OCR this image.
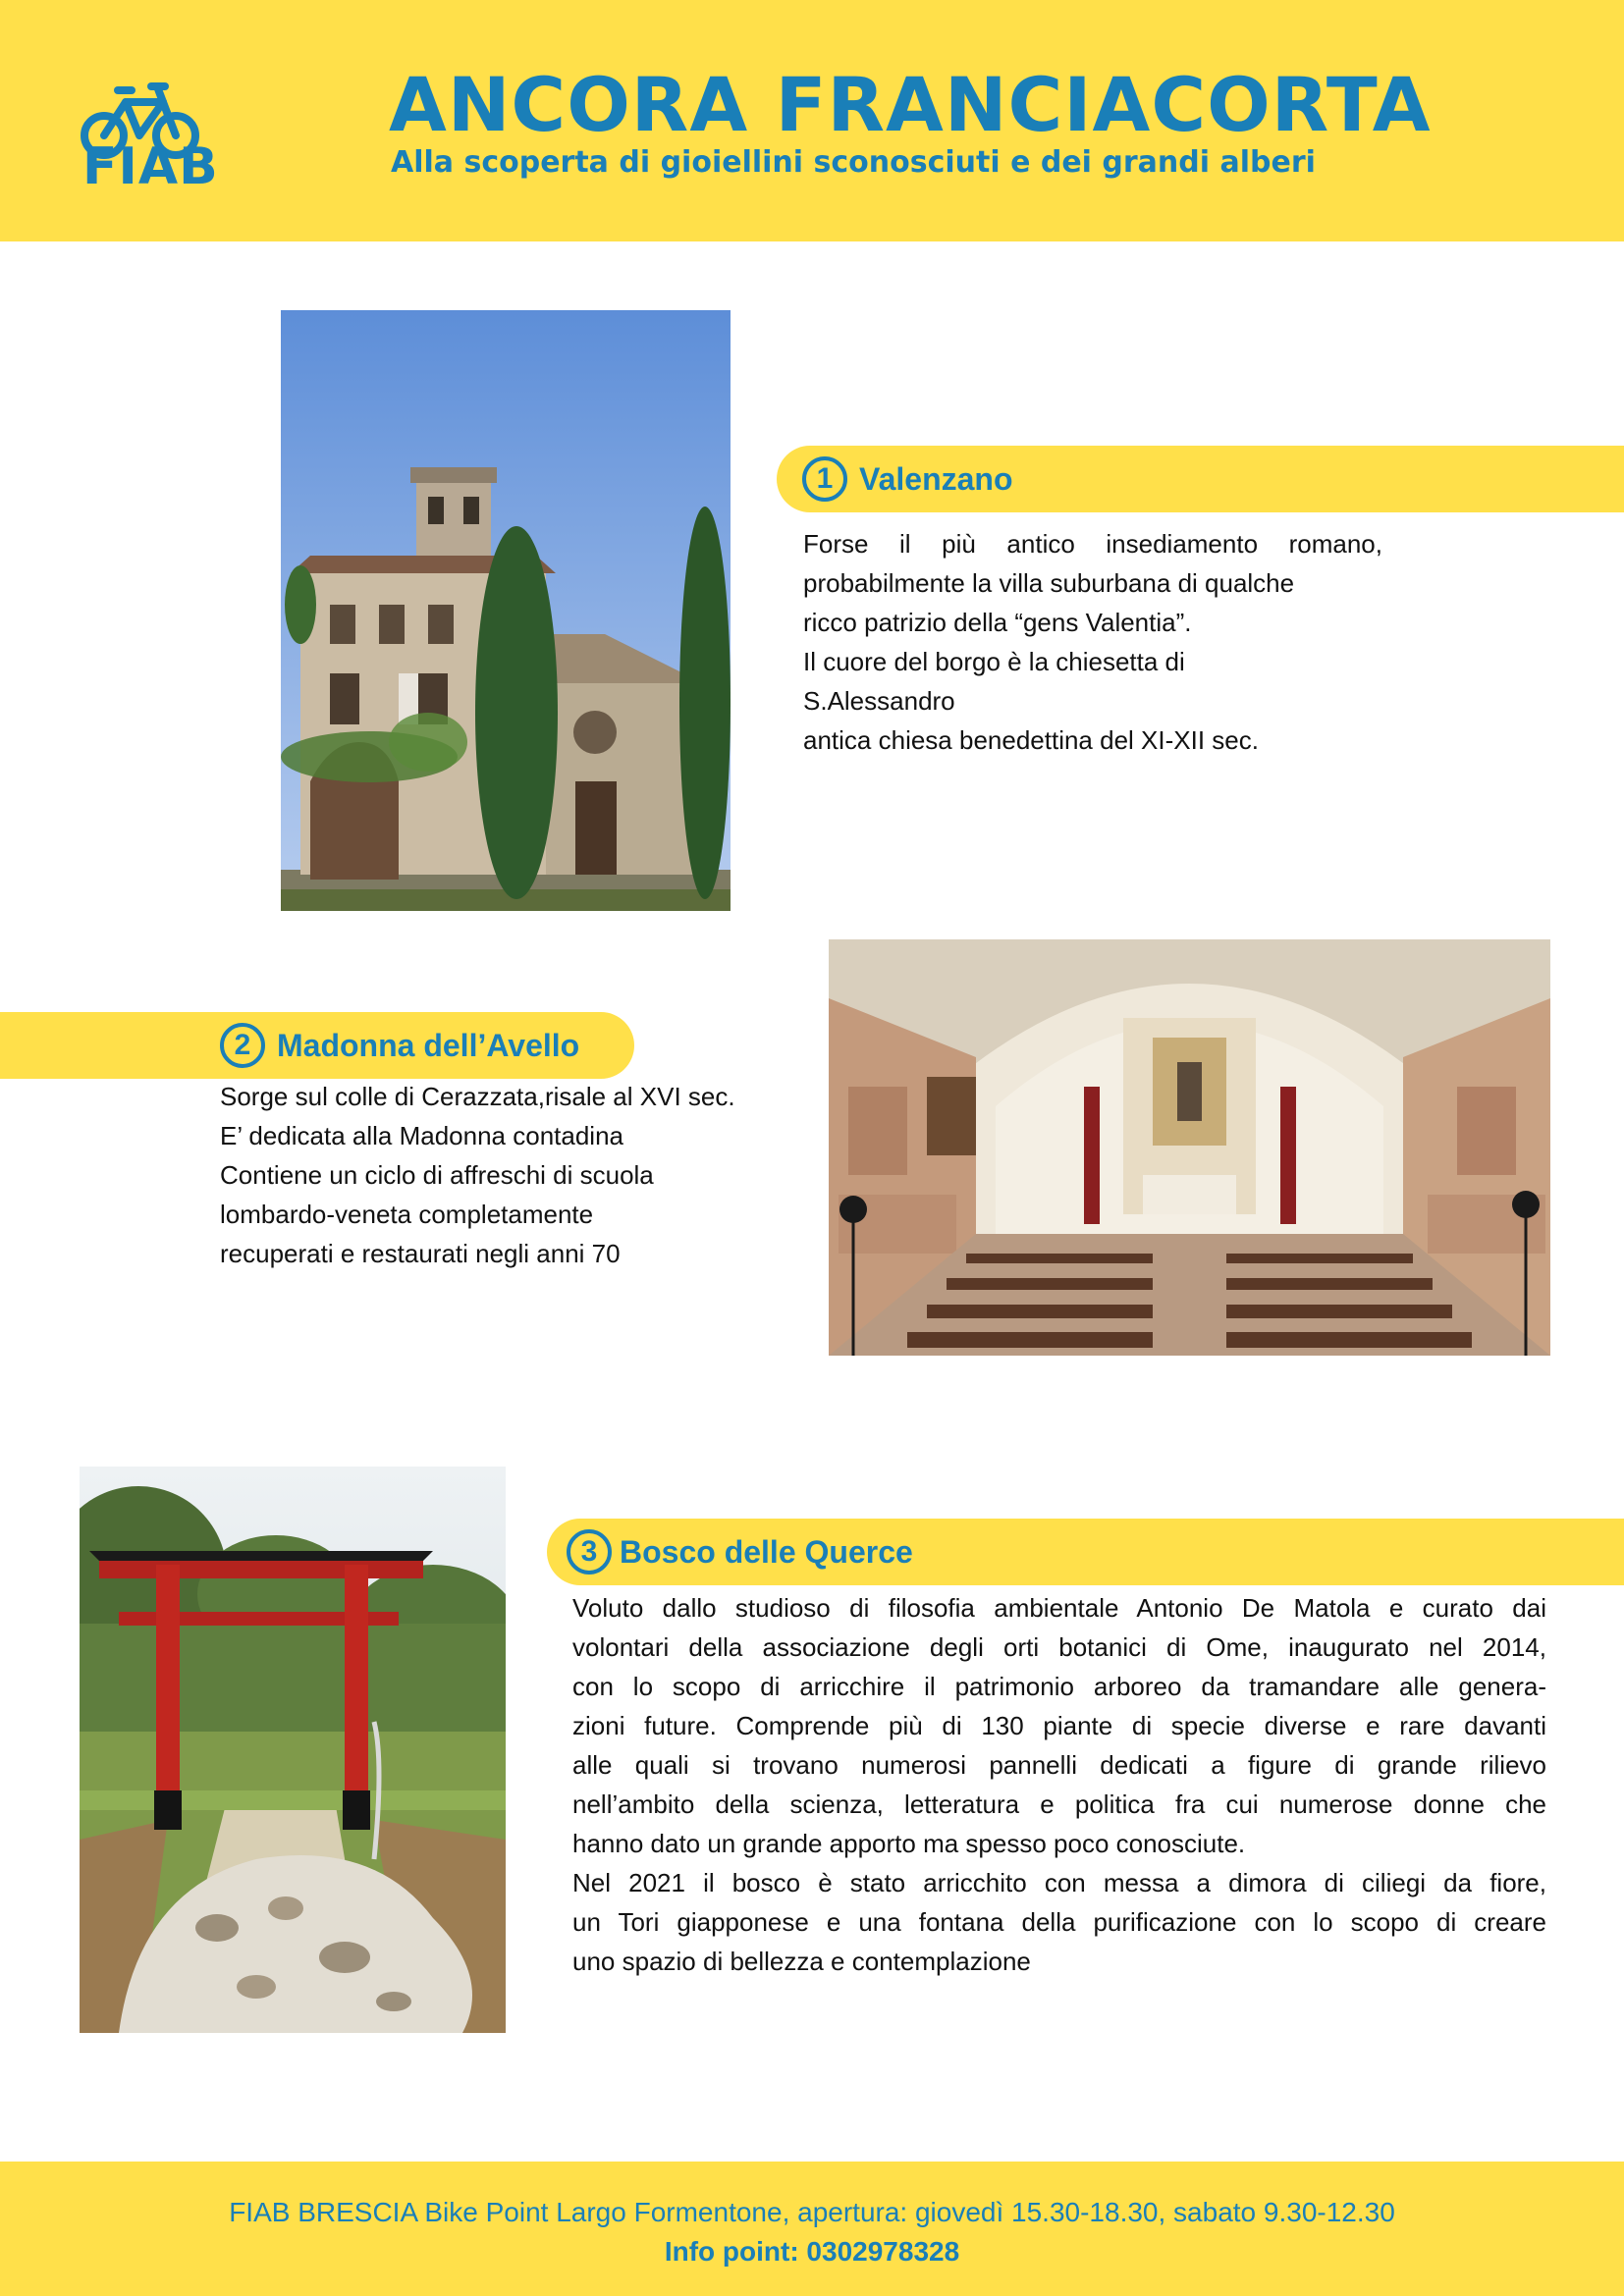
FIAB
ANCORA FRANCIACORTA
Alla scoperta di gioiellini sconosciuti e dei grandi alberi
1 Valenzano
Forse il più antico insediamento romano,
probabilmente la villa suburbana di qualche
ricco patrizio della “gens Valentia”.
Il cuore del borgo è la chiesetta di
S.Alessandro
antica chiesa benedettina del XI-XII sec.
2 Madonna dell’Avello
Sorge sul colle di Cerazzata,risale al XVI sec.
E’ dedicata alla Madonna contadina
Contiene un ciclo di affreschi di scuola
lombardo-veneta completamente
recuperati e restaurati negli anni 70
3 Bosco delle Querce
Voluto dallo studioso di filosofia ambientale Antonio De Matola e curato dai
volontari della associazione degli orti botanici di Ome, inaugurato nel 2014,
con lo scopo di arricchire il patrimonio arboreo da tramandare alle genera-
zioni future. Comprende più di 130 piante di specie diverse e rare davanti
alle quali si trovano numerosi pannelli dedicati a figure di grande rilievo
nell’ambito della scienza, letteratura e politica fra cui numerose donne che
hanno dato un grande apporto ma spesso poco conosciute.
Nel 2021 il bosco è stato arricchito con messa a dimora di ciliegi da fiore,
un Tori giapponese e una fontana della purificazione con lo scopo di creare
uno spazio di bellezza e contemplazione
FIAB BRESCIA Bike Point Largo Formentone, apertura: giovedì 15.30-18.30, sabato 9.30-12.30
Info point: 0302978328
